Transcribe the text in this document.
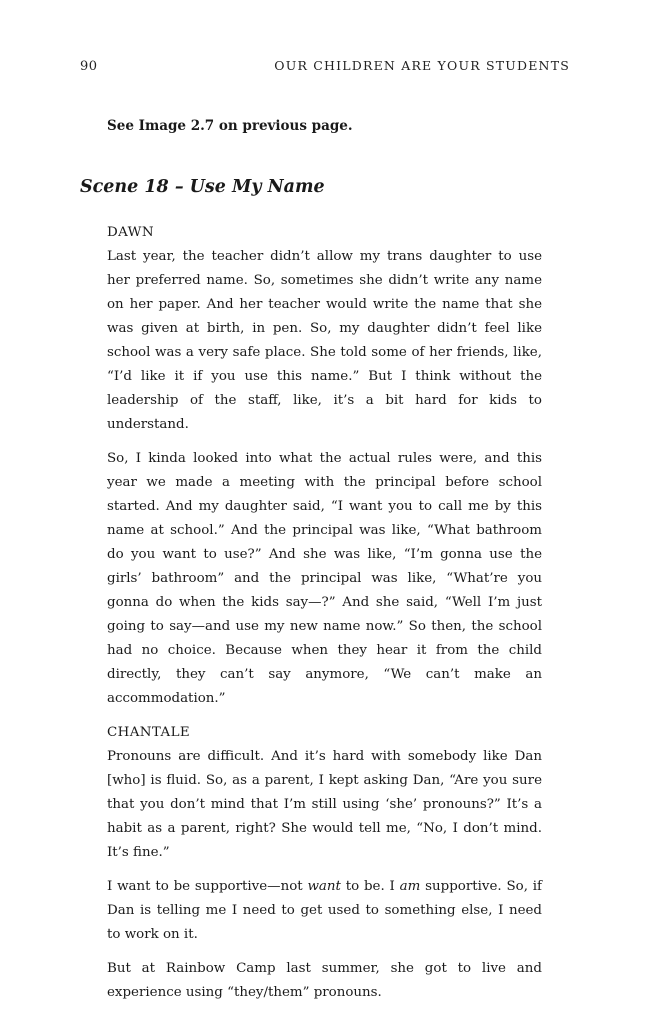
90	OUR CHILDREN ARE YOUR STUDENTS
See Image 2.7 on previous page.
Scene 18 – Use My Name

DAWN

Last year, the teacher didn’t allow my trans daughter to use her preferred name. So, sometimes she didn’t write any name on her paper. And her teacher would write the name that she was given at birth, in pen. So, my daughter didn’t feel like school was a very safe place. She told some of her friends, like, “I’d like it if you use this name.” But I think without the leadership of the staff, like, it’s a bit hard for kids to understand.

So, I kinda looked into what the actual rules were, and this year we made a meeting with the principal before school started. And my daughter said, “I want you to call me by this name at school.” And the principal was like, “What bathroom do you want to use?” And she was like, “I’m gonna use the girls’ bathroom” and the principal was like, “What’re you gonna do when the kids say—?” And she said, “Well I’m just going to say—and use my new name now.” So then, the school had no choice. Because when they hear it from the child directly, they can’t say anymore, “We can’t make an accommodation.”

CHANTALE

Pronouns are difficult. And it’s hard with somebody like Dan [who] is fluid. So, as a parent, I kept asking Dan, “Are you sure that you don’t mind that I’m still using ‘she’ pronouns?” It’s a habit as a parent, right? She would tell me, “No, I don’t mind. It’s fine.”

I want to be supportive—not want to be. I am supportive. So, if Dan is telling me I need to get used to something else, I need to work on it.

But at Rainbow Camp last summer, she got to live and experience using “they/them” pronouns.
